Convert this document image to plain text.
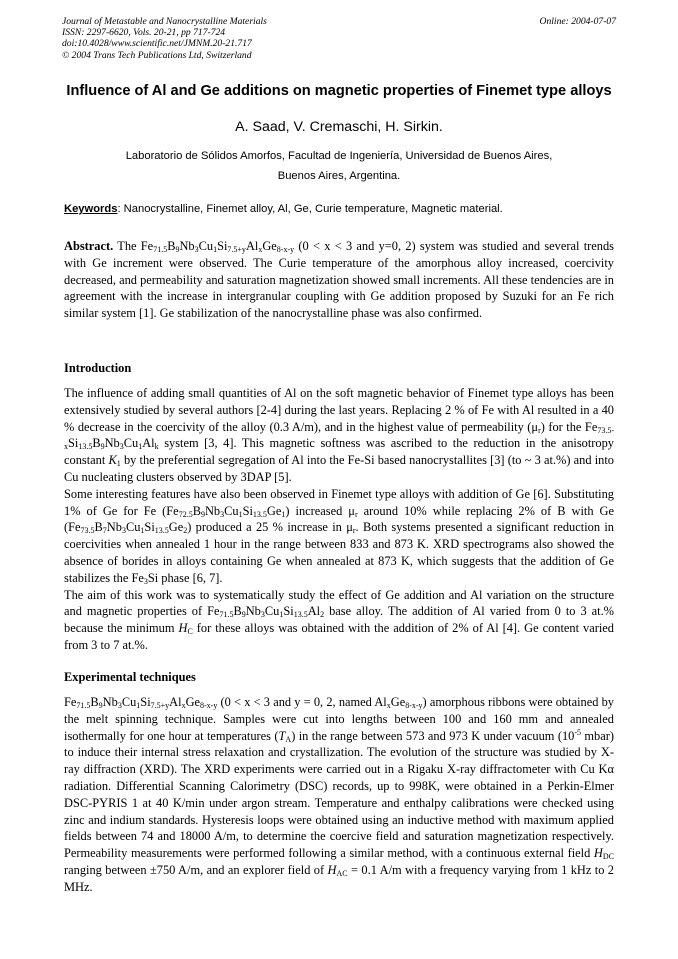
Journal of Metastable and Nanocrystalline Materials
ISSN: 2297-6620, Vols. 20-21, pp 717-724
doi:10.4028/www.scientific.net/JMNM.20-21.717
© 2004 Trans Tech Publications Ltd, Switzerland
Online: 2004-07-07
Influence of Al and Ge additions on magnetic properties of Finemet type alloys
A. Saad, V. Cremaschi, H. Sirkin.
Laboratorio de Sólidos Amorfos, Facultad de Ingeniería, Universidad de Buenos Aires,
Buenos Aires, Argentina.
Keywords: Nanocrystalline, Finemet alloy, Al, Ge, Curie temperature, Magnetic material.
Abstract. The $Fe_{71.5}B_9Nb_3Cu_1Si_{7.5+y}Al_xGe_{8-x-y}$ (0 < x < 3 and y=0, 2) system was studied and several trends with Ge increment were observed. The Curie temperature of the amorphous alloy increased, coercivity decreased, and permeability and saturation magnetization showed small increments. All these tendencies are in agreement with the increase in intergranular coupling with Ge addition proposed by Suzuki for an Fe rich similar system [1]. Ge stabilization of the nanocrystalline phase was also confirmed.
Introduction
The influence of adding small quantities of Al on the soft magnetic behavior of Finemet type alloys has been extensively studied by several authors [2-4] during the last years. Replacing 2 % of Fe with Al resulted in a 40 % decrease in the coercivity of the alloy (0.3 A/m), and in the highest value of permeability $(\mu_r)$ for the $Fe_{73.5-x}Si_{13.5}B_9Nb_3Cu_1Al_k$ system [3, 4]. This magnetic softness was ascribed to the reduction in the anisotropy constant $K_1$ by the preferential segregation of Al into the Fe-Si based nanocrystallites [3] (to ~ 3 at.%) and into Cu nucleating clusters observed by 3DAP [5].
Some interesting features have also been observed in Finemet type alloys with addition of Ge [6]. Substituting 1% of Ge for Fe $(Fe_{72.5}B_9Nb_3Cu_1Si_{13.5}Ge_1)$ increased $\mu_r$ around 10% while replacing 2% of B with Ge $(Fe_{73.5}B_7Nb_3Cu_1Si_{13.5}Ge_2)$ produced a 25 % increase in $\mu_r$. Both systems presented a significant reduction in coercivities when annealed 1 hour in the range between 833 and 873 K. XRD spectrograms also showed the absence of borides in alloys containing Ge when annealed at 873 K, which suggests that the addition of Ge stabilizes the $Fe_3Si$ phase [6, 7].
The aim of this work was to systematically study the effect of Ge addition and Al variation on the structure and magnetic properties of $Fe_{71.5}B_9Nb_3Cu_1Si_{13.5}Al_2$ base alloy. The addition of Al varied from 0 to 3 at.% because the minimum $H_C$ for these alloys was obtained with the addition of 2% of Al [4]. Ge content varied from 3 to 7 at.%.
Experimental techniques
$Fe_{71.5}B_9Nb_3Cu_1Si_{7.5+y}Al_xGe_{8-x-y}$ (0 < x < 3 and y = 0, 2, named $Al_xGe_{8-x-y}$) amorphous ribbons were obtained by the melt spinning technique. Samples were cut into lengths between 100 and 160 mm and annealed isothermally for one hour at temperatures $(T_A)$ in the range between 573 and 973 K under vacuum ($10^{-5}$ mbar) to induce their internal stress relaxation and crystallization. The evolution of the structure was studied by X-ray diffraction (XRD). The XRD experiments were carried out in a Rigaku X-ray diffractometer with Cu Kα radiation. Differential Scanning Calorimetry (DSC) records, up to 998K, were obtained in a Perkin-Elmer DSC-PYRIS 1 at 40 K/min under argon stream. Temperature and enthalpy calibrations were checked using zinc and indium standards. Hysteresis loops were obtained using an inductive method with maximum applied fields between 74 and 18000 A/m, to determine the coercive field and saturation magnetization respectively. Permeability measurements were performed following a similar method, with a continuous external field $H_{DC}$ ranging between ±750 A/m, and an explorer field of $H_{AC} = 0.1$ A/m with a frequency varying from 1 kHz to 2 MHz.
